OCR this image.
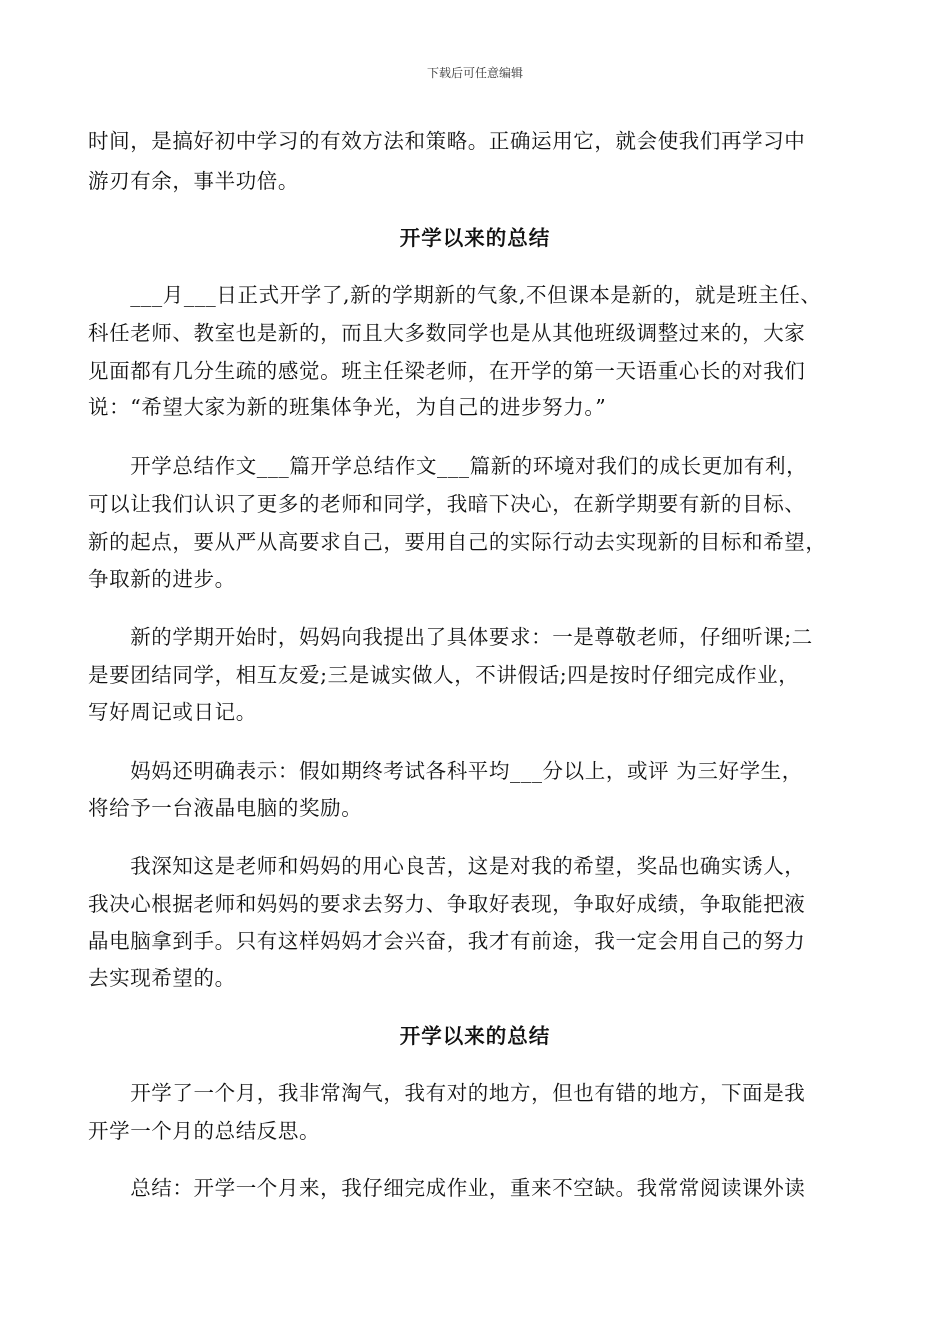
下载后可任意编辑
时间，是搞好初中学习的有效方法和策略。正确运用它，就会使我们再学习中
游刃有余，事半功倍。
开学以来的总结
　　___月___日正式开学了,新的学期新的气象,不但课本是新的，就是班主任、
科任老师、教室也是新的，而且大多数同学也是从其他班级调整过来的，大家
见面都有几分生疏的感觉。班主任梁老师，在开学的第一天语重心长的对我们
说：“希望大家为新的班集体争光，为自己的进步努力。”
　　开学总结作文___篇开学总结作文___篇新的环境对我们的成长更加有利，
可以让我们认识了更多的老师和同学，我暗下决心，在新学期要有新的目标、
新的起点，要从严从高要求自己，要用自己的实际行动去实现新的目标和希望，
争取新的进步。
　　新的学期开始时，妈妈向我提出了具体要求：一是尊敬老师，仔细听课;二
是要团结同学，相互友爱;三是诚实做人，不讲假话;四是按时仔细完成作业，
写好周记或日记。
　　妈妈还明确表示：假如期终考试各科平均___分以上，或评 为三好学生，
将给予一台液晶电脑的奖励。
　　我深知这是老师和妈妈的用心良苦，这是对我的希望，奖品也确实诱人，
我决心根据老师和妈妈的要求去努力、争取好表现，争取好成绩，争取能把液
晶电脑拿到手。只有这样妈妈才会兴奋，我才有前途，我一定会用自己的努力
去实现希望的。
开学以来的总结
　　开学了一个月，我非常淘气，我有对的地方，但也有错的地方，下面是我
开学一个月的总结反思。
　　总结：开学一个月来，我仔细完成作业，重来不空缺。我常常阅读课外读
